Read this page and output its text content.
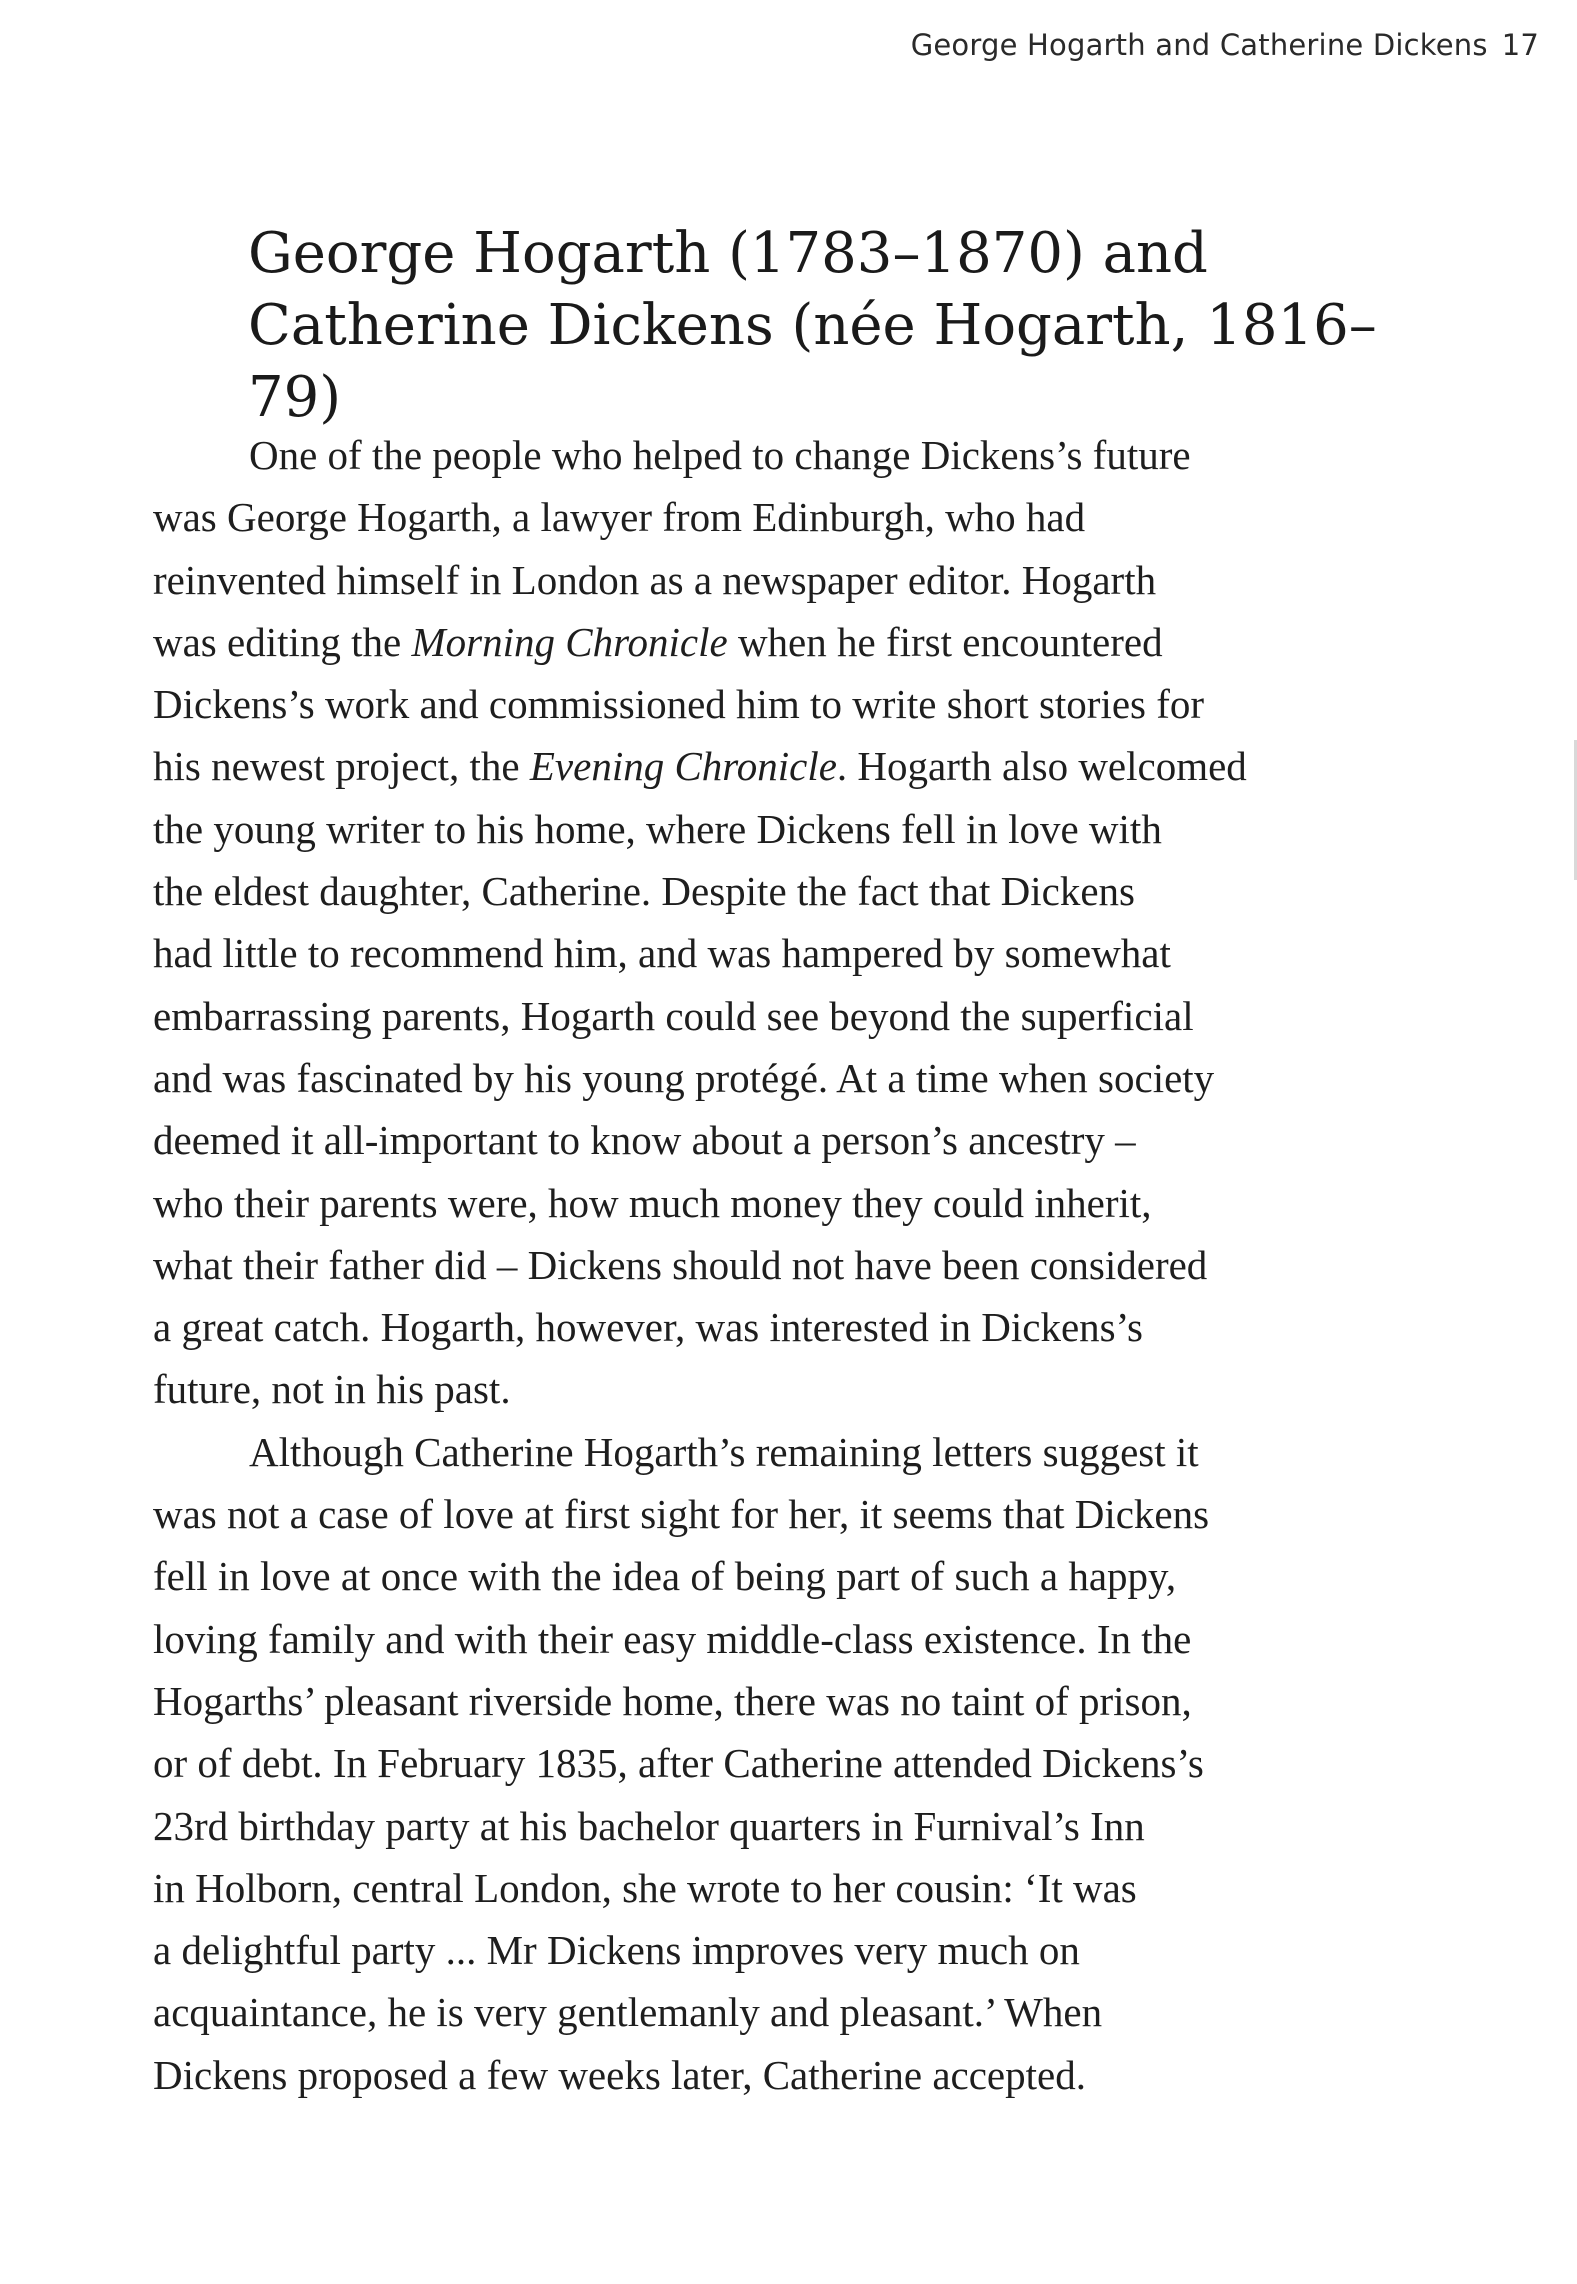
George Hogarth and Catherine Dickens 17
George Hogarth (1783–1870) and
Catherine Dickens (née Hogarth, 1816–79)
One of the people who helped to change Dickens’s future
was George Hogarth, a lawyer from Edinburgh, who had
reinvented himself in London as a newspaper editor. Hogarth
was editing the Morning Chronicle when he first encountered
Dickens’s work and commissioned him to write short stories for
his newest project, the Evening Chronicle. Hogarth also welcomed
the young writer to his home, where Dickens fell in love with
the eldest daughter, Catherine. Despite the fact that Dickens
had little to recommend him, and was hampered by somewhat
embarrassing parents, Hogarth could see beyond the superficial
and was fascinated by his young protégé. At a time when society
deemed it all-important to know about a person’s ancestry –
who their parents were, how much money they could inherit,
what their father did – Dickens should not have been considered
a great catch. Hogarth, however, was interested in Dickens’s
future, not in his past.
Although Catherine Hogarth’s remaining letters suggest it
was not a case of love at first sight for her, it seems that Dickens
fell in love at once with the idea of being part of such a happy,
loving family and with their easy middle-class existence. In the
Hogarths’ pleasant riverside home, there was no taint of prison,
or of debt. In February 1835, after Catherine attended Dickens’s
23rd birthday party at his bachelor quarters in Furnival’s Inn
in Holborn, central London, she wrote to her cousin: ‘It was
a delightful party ... Mr Dickens improves very much on
acquaintance, he is very gentlemanly and pleasant.’ When
Dickens proposed a few weeks later, Catherine accepted.
